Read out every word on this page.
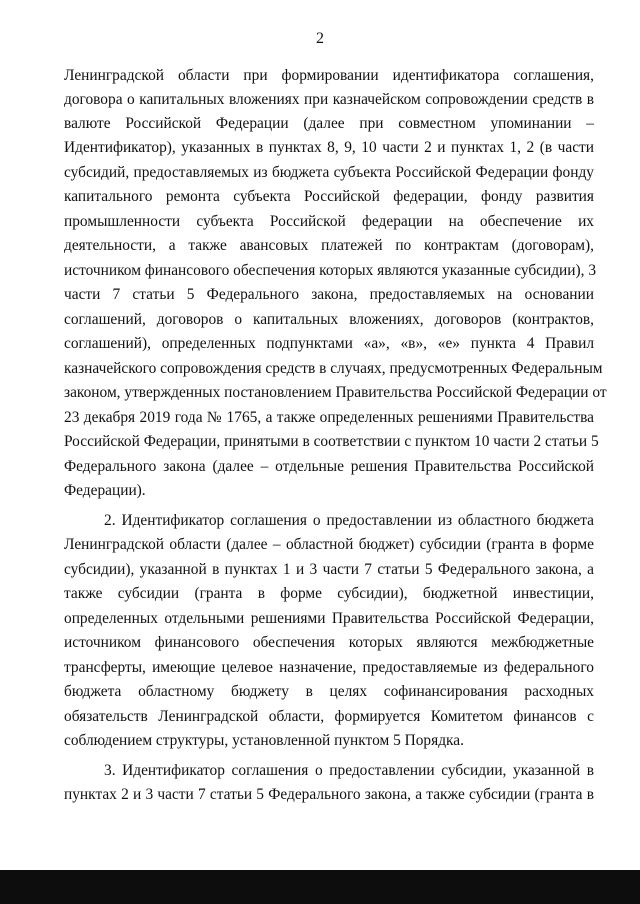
2
Ленинградской области при формировании идентификатора соглашения,
договора о капитальных вложениях при казначейском сопровождении средств в
валюте Российской Федерации (далее при совместном упоминании –
Идентификатор), указанных в пунктах 8, 9, 10 части 2 и пунктах 1, 2 (в части
субсидий, предоставляемых из бюджета субъекта Российской Федерации фонду
капитального ремонта субъекта Российской федерации, фонду развития
промышленности субъекта Российской федерации на обеспечение их
деятельности, а также авансовых платежей по контрактам (договорам),
источником финансового обеспечения которых являются указанные субсидии), 3
части 7 статьи 5 Федерального закона, предоставляемых на основании
соглашений, договоров о капитальных вложениях, договоров (контрактов,
соглашений), определенных подпунктами «а», «в», «е» пункта 4 Правил
казначейского сопровождения средств в случаях, предусмотренных Федеральным
законом, утвержденных постановлением Правительства Российской Федерации от
23 декабря 2019 года № 1765, а также определенных решениями Правительства
Российской Федерации, принятыми в соответствии с пунктом 10 части 2 статьи 5
Федерального закона (далее – отдельные решения Правительства Российской
Федерации).
2. Идентификатор соглашения о предоставлении из областного бюджета
Ленинградской области (далее – областной бюджет) субсидии (гранта в форме
субсидии), указанной в пунктах 1 и 3 части 7 статьи 5 Федерального закона, а
также субсидии (гранта в форме субсидии), бюджетной инвестиции,
определенных отдельными решениями Правительства Российской Федерации,
источником финансового обеспечения которых являются межбюджетные
трансферты, имеющие целевое назначение, предоставляемые из федерального
бюджета областному бюджету в целях софинансирования расходных
обязательств Ленинградской области, формируется Комитетом финансов с
соблюдением структуры, установленной пунктом 5 Порядка.
3. Идентификатор соглашения о предоставлении субсидии, указанной в
пунктах 2 и 3 части 7 статьи 5 Федерального закона, а также субсидии (гранта в
